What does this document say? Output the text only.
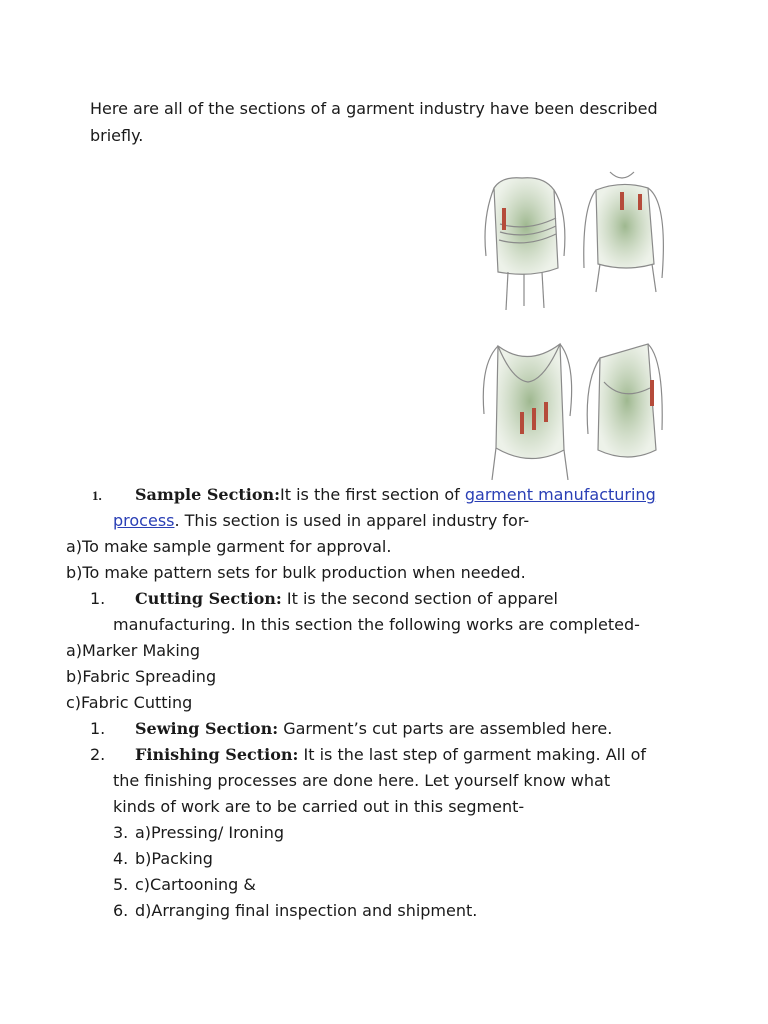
Here are all of the sections of a garment industry have been described
briefly.
1. Sample Section:It is the first section of garment manufacturing
process. This section is used in apparel industry for-
a)To make sample garment for approval.
b)To make pattern sets for bulk production when needed.
1. Cutting Section: It is the second section of apparel
manufacturing. In this section the following works are completed-
a)Marker Making
b)Fabric Spreading
c)Fabric Cutting
1. Sewing Section: Garment’s cut parts are assembled here.
2. Finishing Section: It is the last step of garment making. All of
the finishing processes are done here. Let yourself know what
kinds of work are to be carried out in this segment-
3. a)Pressing/ Ironing
4. b)Packing
5. c)Cartooning &
6. d)Arranging final inspection and shipment.
